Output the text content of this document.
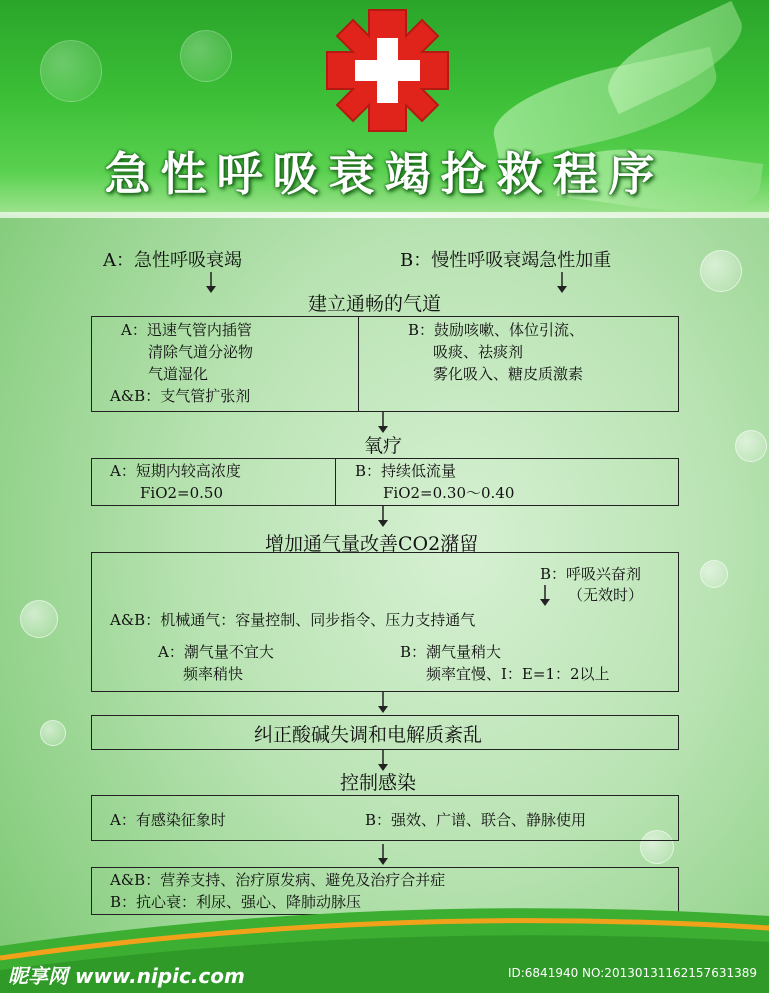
急性呼吸衰竭抢救程序
A：急性呼吸衰竭	B：慢性呼吸衰竭急性加重
建立通畅的气道
A：迅速气管内插管
清除气道分泌物
气道湿化
A&B：支气管扩张剂
B：鼓励咳嗽、体位引流、
吸痰、祛痰剂
雾化吸入、糖皮质激素
氧疗
A：短期内较高浓度
FiO2=0.50
B：持续低流量
FiO2=0.30～0.40
增加通气量改善CO2潴留
B：呼吸兴奋剂
（无效时）
A&B：机械通气：容量控制、同步指令、压力支持通气
A：潮气量不宜大
频率稍快
B：潮气量稍大
频率宜慢、I：E=1：2以上
纠正酸碱失调和电解质紊乱
控制感染
A：有感染征象时	B：强效、广谱、联合、静脉使用
A&B：营养支持、治疗原发病、避免及治疗合并症
B：抗心衰：利尿、强心、降肺动脉压
昵享网 www.nipic.com	ID:6841940 NO:20130131162157631389
